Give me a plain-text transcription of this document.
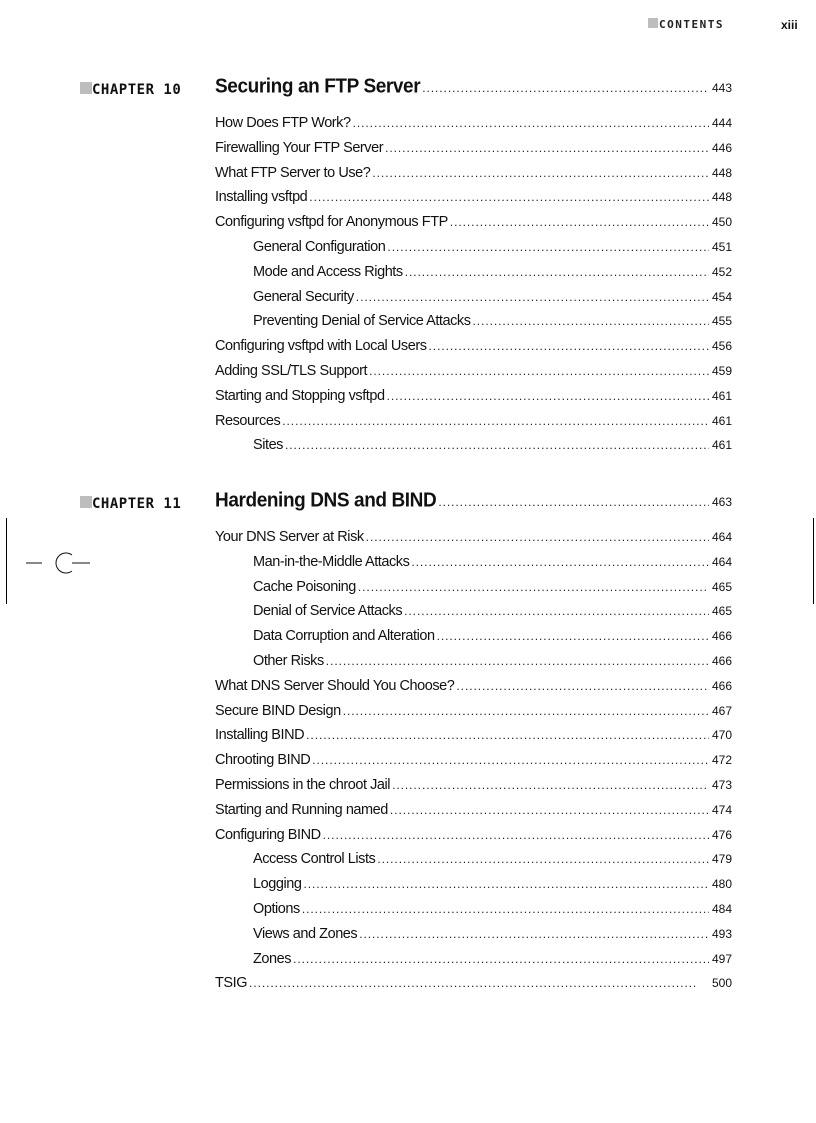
CONTENTS	xiii
CHAPTER 10 Securing an FTP Server . . .	443
How Does FTP Work? . . .	444
Firewalling Your FTP Server . . .	446
What FTP Server to Use? . . .	448
Installing vsftpd . . .	448
Configuring vsftpd for Anonymous FTP . . .	450
General Configuration . . .	451
Mode and Access Rights . . .	452
General Security . . .	454
Preventing Denial of Service Attacks . . .	455
Configuring vsftpd with Local Users . . .	456
Adding SSL/TLS Support . . .	459
Starting and Stopping vsftpd . . .	461
Resources . . .	461
Sites . . .	461
CHAPTER 11 Hardening DNS and BIND . . .	463
Your DNS Server at Risk . . .	464
Man-in-the-Middle Attacks . . .	464
Cache Poisoning . . .	465
Denial of Service Attacks . . .	465
Data Corruption and Alteration . . .	466
Other Risks . . .	466
What DNS Server Should You Choose? . . .	466
Secure BIND Design . . .	467
Installing BIND . . .	470
Chrooting BIND . . .	472
Permissions in the chroot Jail . . .	473
Starting and Running named . . .	474
Configuring BIND . . .	476
Access Control Lists . . .	479
Logging . . .	480
Options . . .	484
Views and Zones . . .	493
Zones . . .	497
TSIG . . .	500
